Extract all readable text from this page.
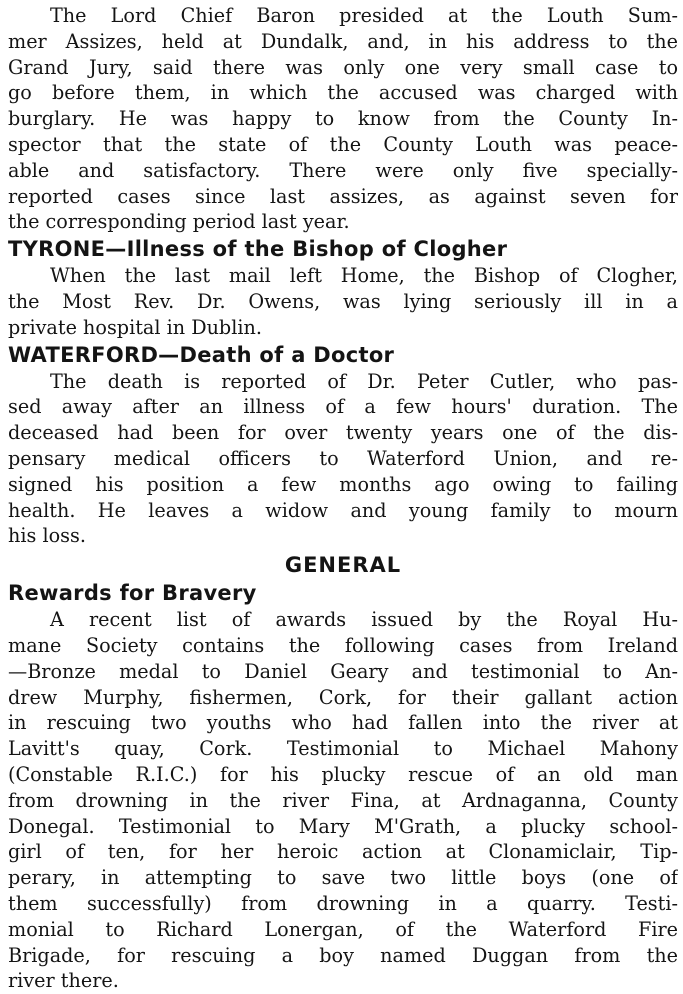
The Lord Chief Baron presided at the Louth Sum-
mer Assizes, held at Dundalk, and, in his address to the
Grand Jury, said there was only one very small case to
go before them, in which the accused was charged with
burglary. He was happy to know from the County In-
spector that the state of the County Louth was peace-
able and satisfactory. There were only five specially-
reported cases since last assizes, as against seven for
the corresponding period last year.
TYRONE—Illness of the Bishop of Clogher
When the last mail left Home, the Bishop of Clogher,
the Most Rev. Dr. Owens, was lying seriously ill in a
private hospital in Dublin.
WATERFORD—Death of a Doctor
The death is reported of Dr. Peter Cutler, who pas-
sed away after an illness of a few hours' duration. The
deceased had been for over twenty years one of the dis-
pensary medical officers to Waterford Union, and re-
signed his position a few months ago owing to failing
health. He leaves a widow and young family to mourn
his loss.
GENERAL
Rewards for Bravery
A recent list of awards issued by the Royal Hu-
mane Society contains the following cases from Ireland
—Bronze medal to Daniel Geary and testimonial to An-
drew Murphy, fishermen, Cork, for their gallant action
in rescuing two youths who had fallen into the river at
Lavitt's quay, Cork. Testimonial to Michael Mahony
(Constable R.I.C.) for his plucky rescue of an old man
from drowning in the river Fina, at Ardnaganna, County
Donegal. Testimonial to Mary M'Grath, a plucky school-
girl of ten, for her heroic action at Clonamiclair, Tip-
perary, in attempting to save two little boys (one of
them successfully) from drowning in a quarry. Testi-
monial to Richard Lonergan, of the Waterford Fire
Brigade, for rescuing a boy named Duggan from the
river there.
